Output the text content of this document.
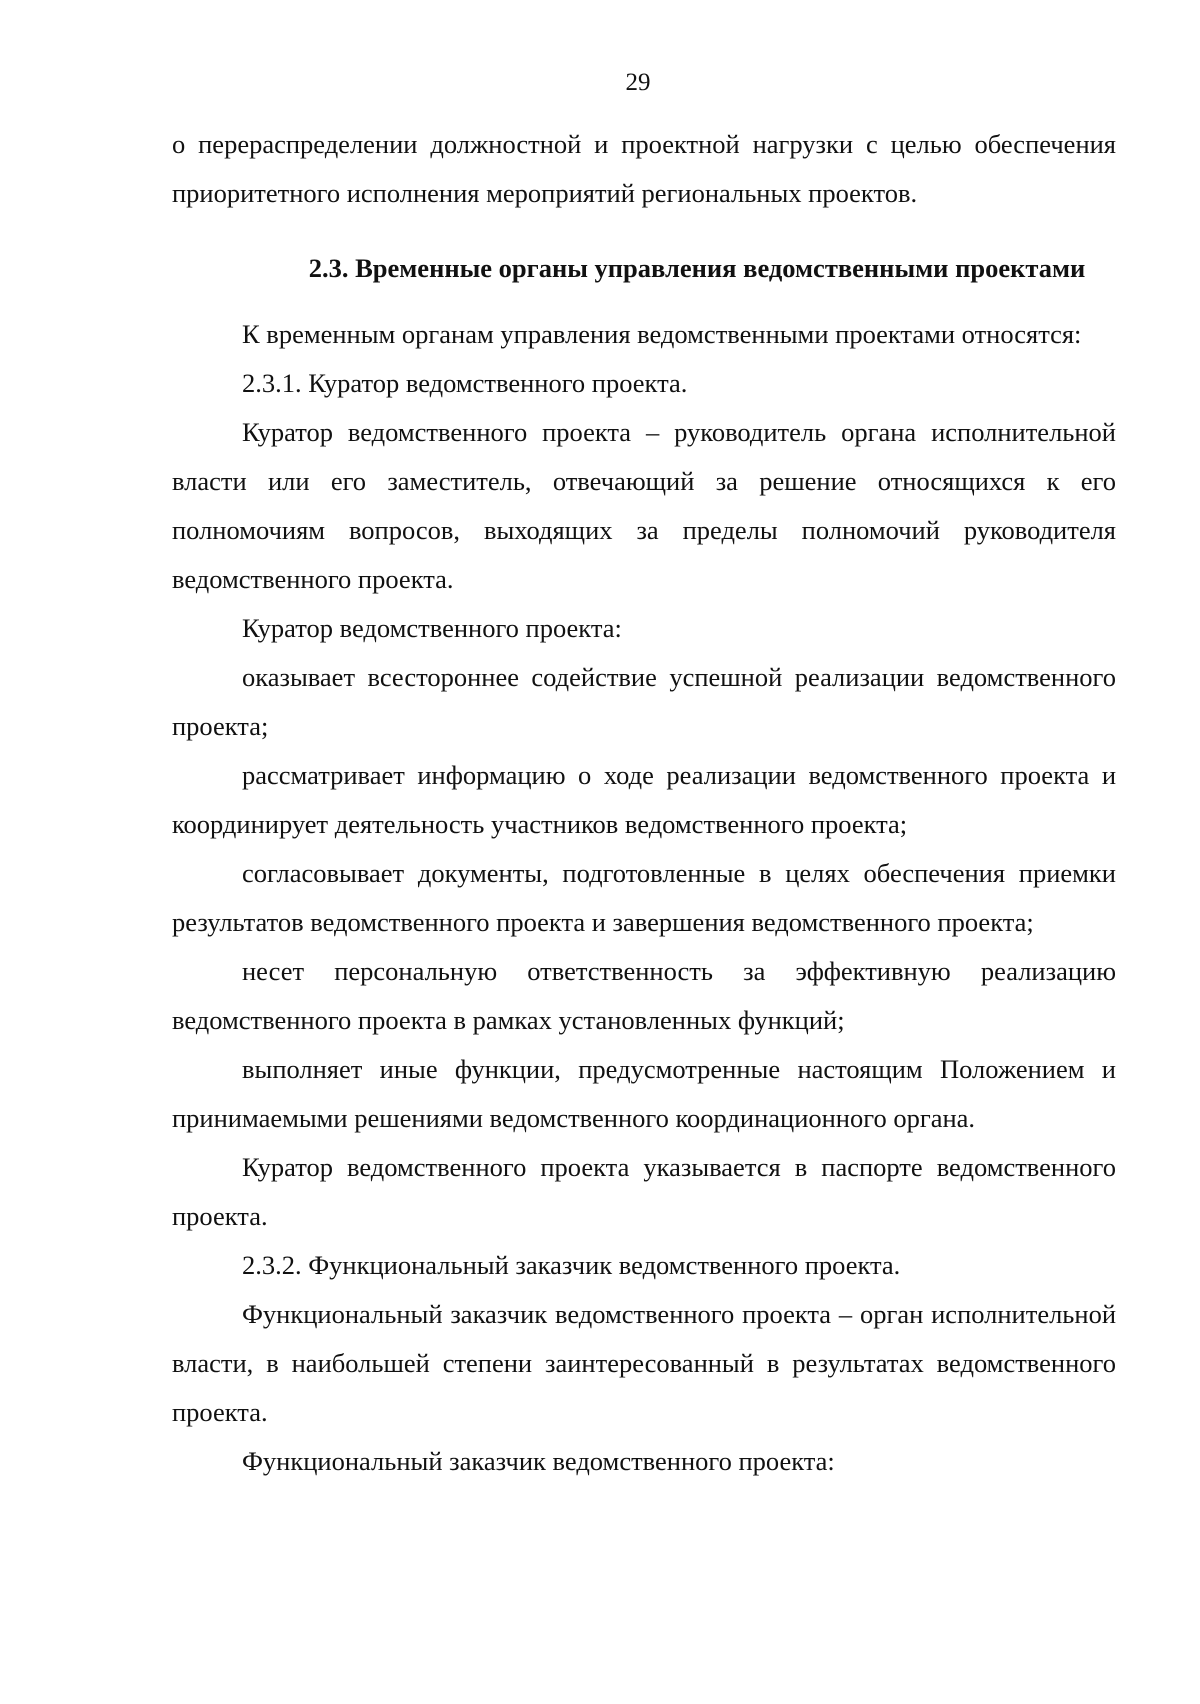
29

о перераспределении должностной и проектной нагрузки с целью обеспечения приоритетного исполнения мероприятий региональных проектов.

2.3. Временные органы управления ведомственными проектами

К временным органам управления ведомственными проектами относятся:

2.3.1. Куратор ведомственного проекта.

Куратор ведомственного проекта – руководитель органа исполнительной власти или его заместитель, отвечающий за решение относящихся к его полномочиям вопросов, выходящих за пределы полномочий руководителя ведомственного проекта.

Куратор ведомственного проекта:

оказывает всестороннее содействие успешной реализации ведомственного проекта;

рассматривает информацию о ходе реализации ведомственного проекта и координирует деятельность участников ведомственного проекта;

согласовывает документы, подготовленные в целях обеспечения приемки результатов ведомственного проекта и завершения ведомственного проекта;

несет персональную ответственность за эффективную реализацию ведомственного проекта в рамках установленных функций;

выполняет иные функции, предусмотренные настоящим Положением и принимаемыми решениями ведомственного координационного органа.

Куратор ведомственного проекта указывается в паспорте ведомственного проекта.

2.3.2. Функциональный заказчик ведомственного проекта.

Функциональный заказчик ведомственного проекта – орган исполнительной власти, в наибольшей степени заинтересованный в результатах ведомственного проекта.

Функциональный заказчик ведомственного проекта:
